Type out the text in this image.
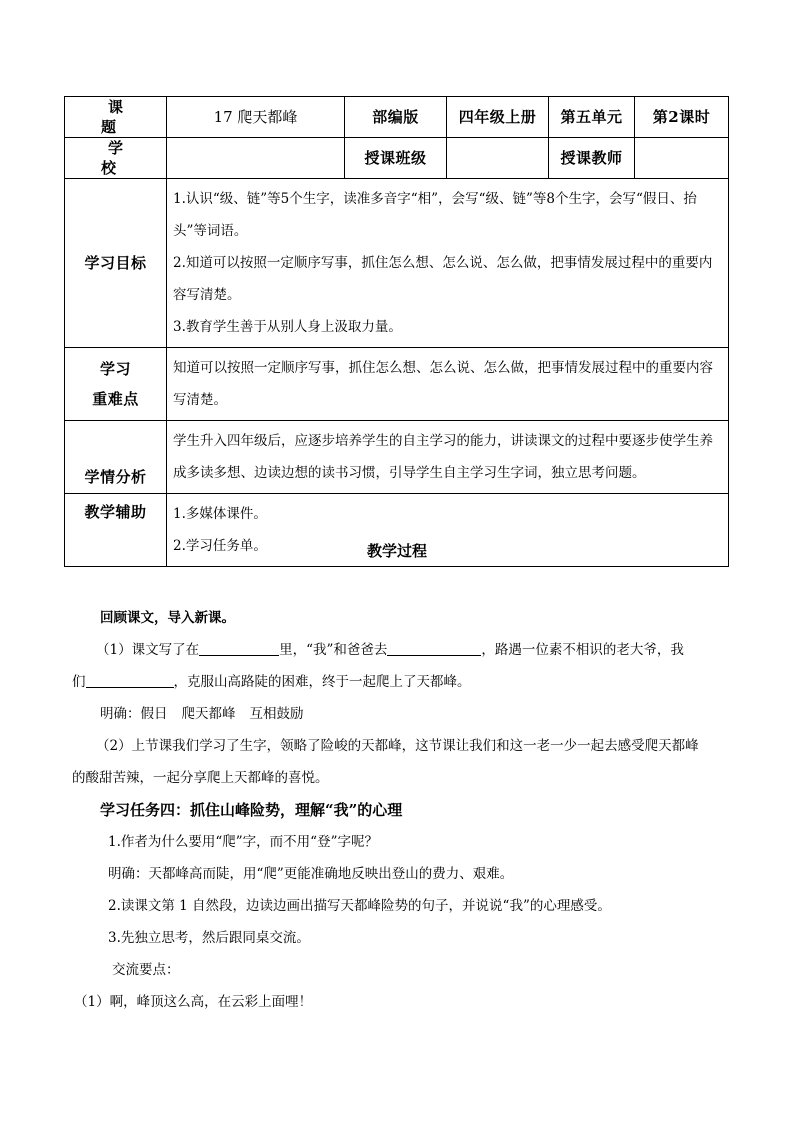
课　题	17 爬天都峰	部编版	四年级上册	第五单元	第2课时
学　校		授课班级		授课教师	
学习目标	1.认识“级、链”等5个生字，读准多音字“相”，会写“级、链”等8个生字，会写“假日、抬头”等词语。

2.知道可以按照一定顺序写事，抓住怎么想、怎么说、怎么做，把事情发展过程中的重要内容写清楚。

3.教育学生善于从别人身上汲取力量。				

学习
重难点	知道可以按照一定顺序写事，抓住怎么想、怎么说、怎么做，把事情发展过程中的重要内容写清楚。				

学情分析	学生升入四年级后，应逐步培养学生的自主学习的能力，讲读课文的过程中要逐步使学生养成多读多想、边读边想的读书习惯，引导学生自主学习生字词，独立思考问题。				

教学辅助	1.多媒体课件。

2.学习任务单。					教学过程

回顾课文，导入新课。

（1）课文写了在	里，“我”和爸爸去	，路遇一位素不相识的老大爷，我

们	，克服山高路陡的困难，终于一起爬上了天都峰。

明确：假日 爬天都峰 互相鼓励

（2）上节课我们学习了生字，领略了险峻的天都峰，这节课让我们和这一老一少一起去感受爬天都峰

的酸甜苦辣，一起分享爬上天都峰的喜悦。

学习任务四：抓住山峰险势，理解“我”的心理

1.作者为什么要用“爬”字，而不用“登”字呢？

明确：天都峰高而陡，用“爬”更能准确地反映出登山的费力、艰难。

2.读课文第 1 自然段，边读边画出描写天都峰险势的句子，并说说“我”的心理感受。

3.先独立思考，然后跟同桌交流。

交流要点：

（1）啊，峰顶这么高，在云彩上面哩！
